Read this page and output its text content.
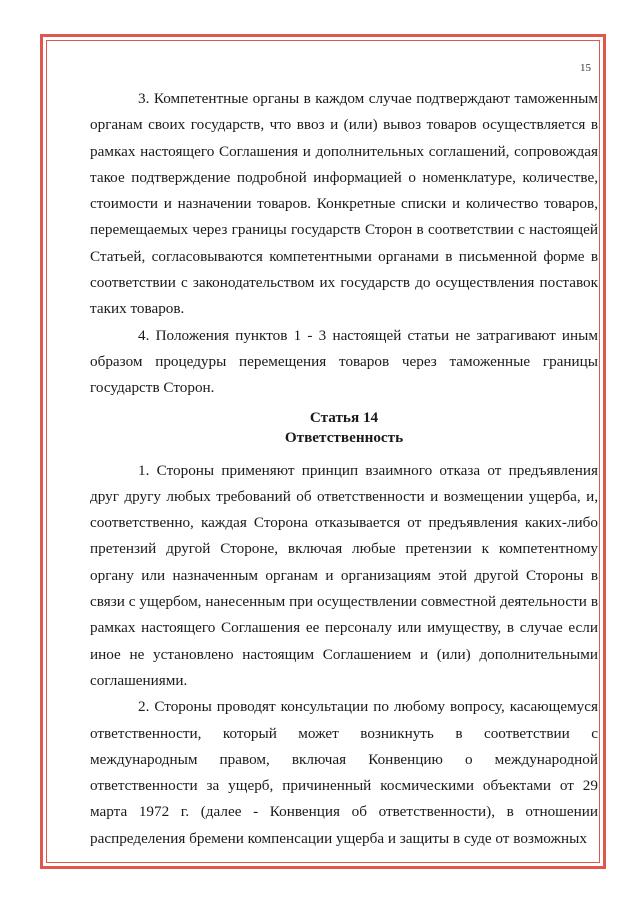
15

3. Компетентные органы в каждом случае подтверждают таможенным органам своих государств, что ввоз и (или) вывоз товаров осуществляется в рамках настоящего Соглашения и дополнительных соглашений, сопровождая такое подтверждение подробной информацией о номенклатуре, количестве, стоимости и назначении товаров. Конкретные списки и количество товаров, перемещаемых через границы государств Сторон в соответствии с настоящей Статьей, согласовываются компетентными органами в письменной форме в соответствии с законодательством их государств до осуществления поставок таких товаров.

4. Положения пунктов 1 - 3 настоящей статьи не затрагивают иным образом процедуры перемещения товаров через таможенные границы государств Сторон.

Статья 14
Ответственность

1. Стороны применяют принцип взаимного отказа от предъявления друг другу любых требований об ответственности и возмещении ущерба, и, соответственно, каждая Сторона отказывается от предъявления каких-либо претензий другой Стороне, включая любые претензии к компетентному органу или назначенным органам и организациям этой другой Стороны в связи с ущербом, нанесенным при осуществлении совместной деятельности в рамках настоящего Соглашения ее персоналу или имуществу, в случае если иное не установлено настоящим Соглашением и (или) дополнительными соглашениями.

2. Стороны проводят консультации по любому вопросу, касающемуся ответственности, который может возникнуть в соответствии с международным правом, включая Конвенцию о международной ответственности за ущерб, причиненный космическими объектами от 29 марта 1972 г. (далее - Конвенция об ответственности), в отношении распределения бремени компенсации ущерба и защиты в суде от возможных
